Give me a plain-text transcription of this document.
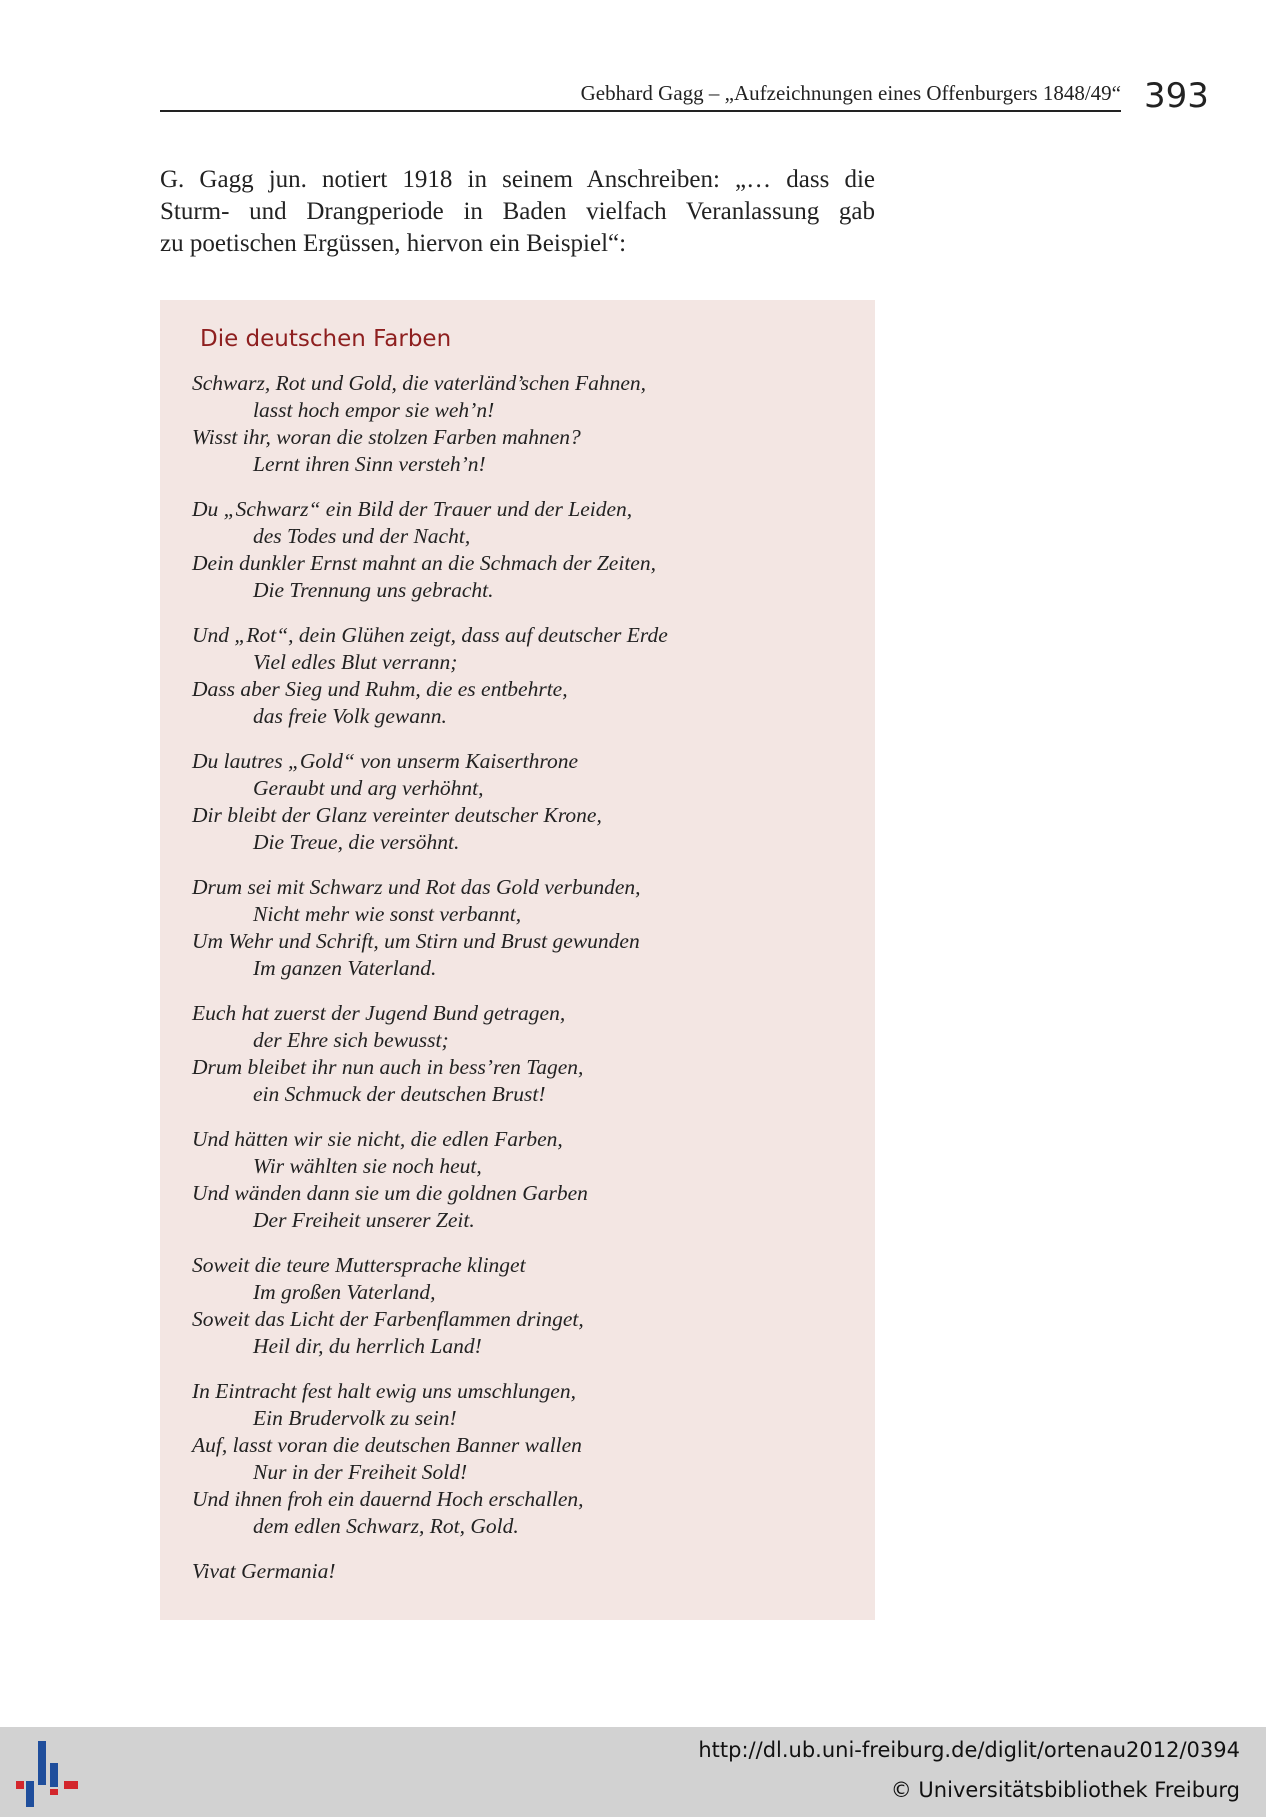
Gebhard Gagg – „Aufzeichnungen eines Offenburgers 1848/49“ 393
G. Gagg jun. notiert 1918 in seinem Anschreiben: „… dass die
Sturm- und Drangperiode in Baden vielfach Veranlassung gab
zu poetischen Ergüssen, hiervon ein Beispiel“:
Die deutschen Farben
Schwarz, Rot und Gold, die vaterländ’schen Fahnen,
lasst hoch empor sie weh’n!
Wisst ihr, woran die stolzen Farben mahnen?
Lernt ihren Sinn versteh’n!
Du „Schwarz“ ein Bild der Trauer und der Leiden,
des Todes und der Nacht,
Dein dunkler Ernst mahnt an die Schmach der Zeiten,
Die Trennung uns gebracht.
Und „Rot“, dein Glühen zeigt, dass auf deutscher Erde
Viel edles Blut verrann;
Dass aber Sieg und Ruhm, die es entbehrte,
das freie Volk gewann.
Du lautres „Gold“ von unserm Kaiserthrone
Geraubt und arg verhöhnt,
Dir bleibt der Glanz vereinter deutscher Krone,
Die Treue, die versöhnt.
Drum sei mit Schwarz und Rot das Gold verbunden,
Nicht mehr wie sonst verbannt,
Um Wehr und Schrift, um Stirn und Brust gewunden
Im ganzen Vaterland.
Euch hat zuerst der Jugend Bund getragen,
der Ehre sich bewusst;
Drum bleibet ihr nun auch in bess’ren Tagen,
ein Schmuck der deutschen Brust!
Und hätten wir sie nicht, die edlen Farben,
Wir wählten sie noch heut,
Und wänden dann sie um die goldnen Garben
Der Freiheit unserer Zeit.
Soweit die teure Muttersprache klinget
Im großen Vaterland,
Soweit das Licht der Farbenflammen dringet,
Heil dir, du herrlich Land!
In Eintracht fest halt ewig uns umschlungen,
Ein Brudervolk zu sein!
Auf, lasst voran die deutschen Banner wallen
Nur in der Freiheit Sold!
Und ihnen froh ein dauernd Hoch erschallen,
dem edlen Schwarz, Rot, Gold.
Vivat Germania!
http://dl.ub.uni-freiburg.de/diglit/ortenau2012/0394
© Universitätsbibliothek Freiburg
